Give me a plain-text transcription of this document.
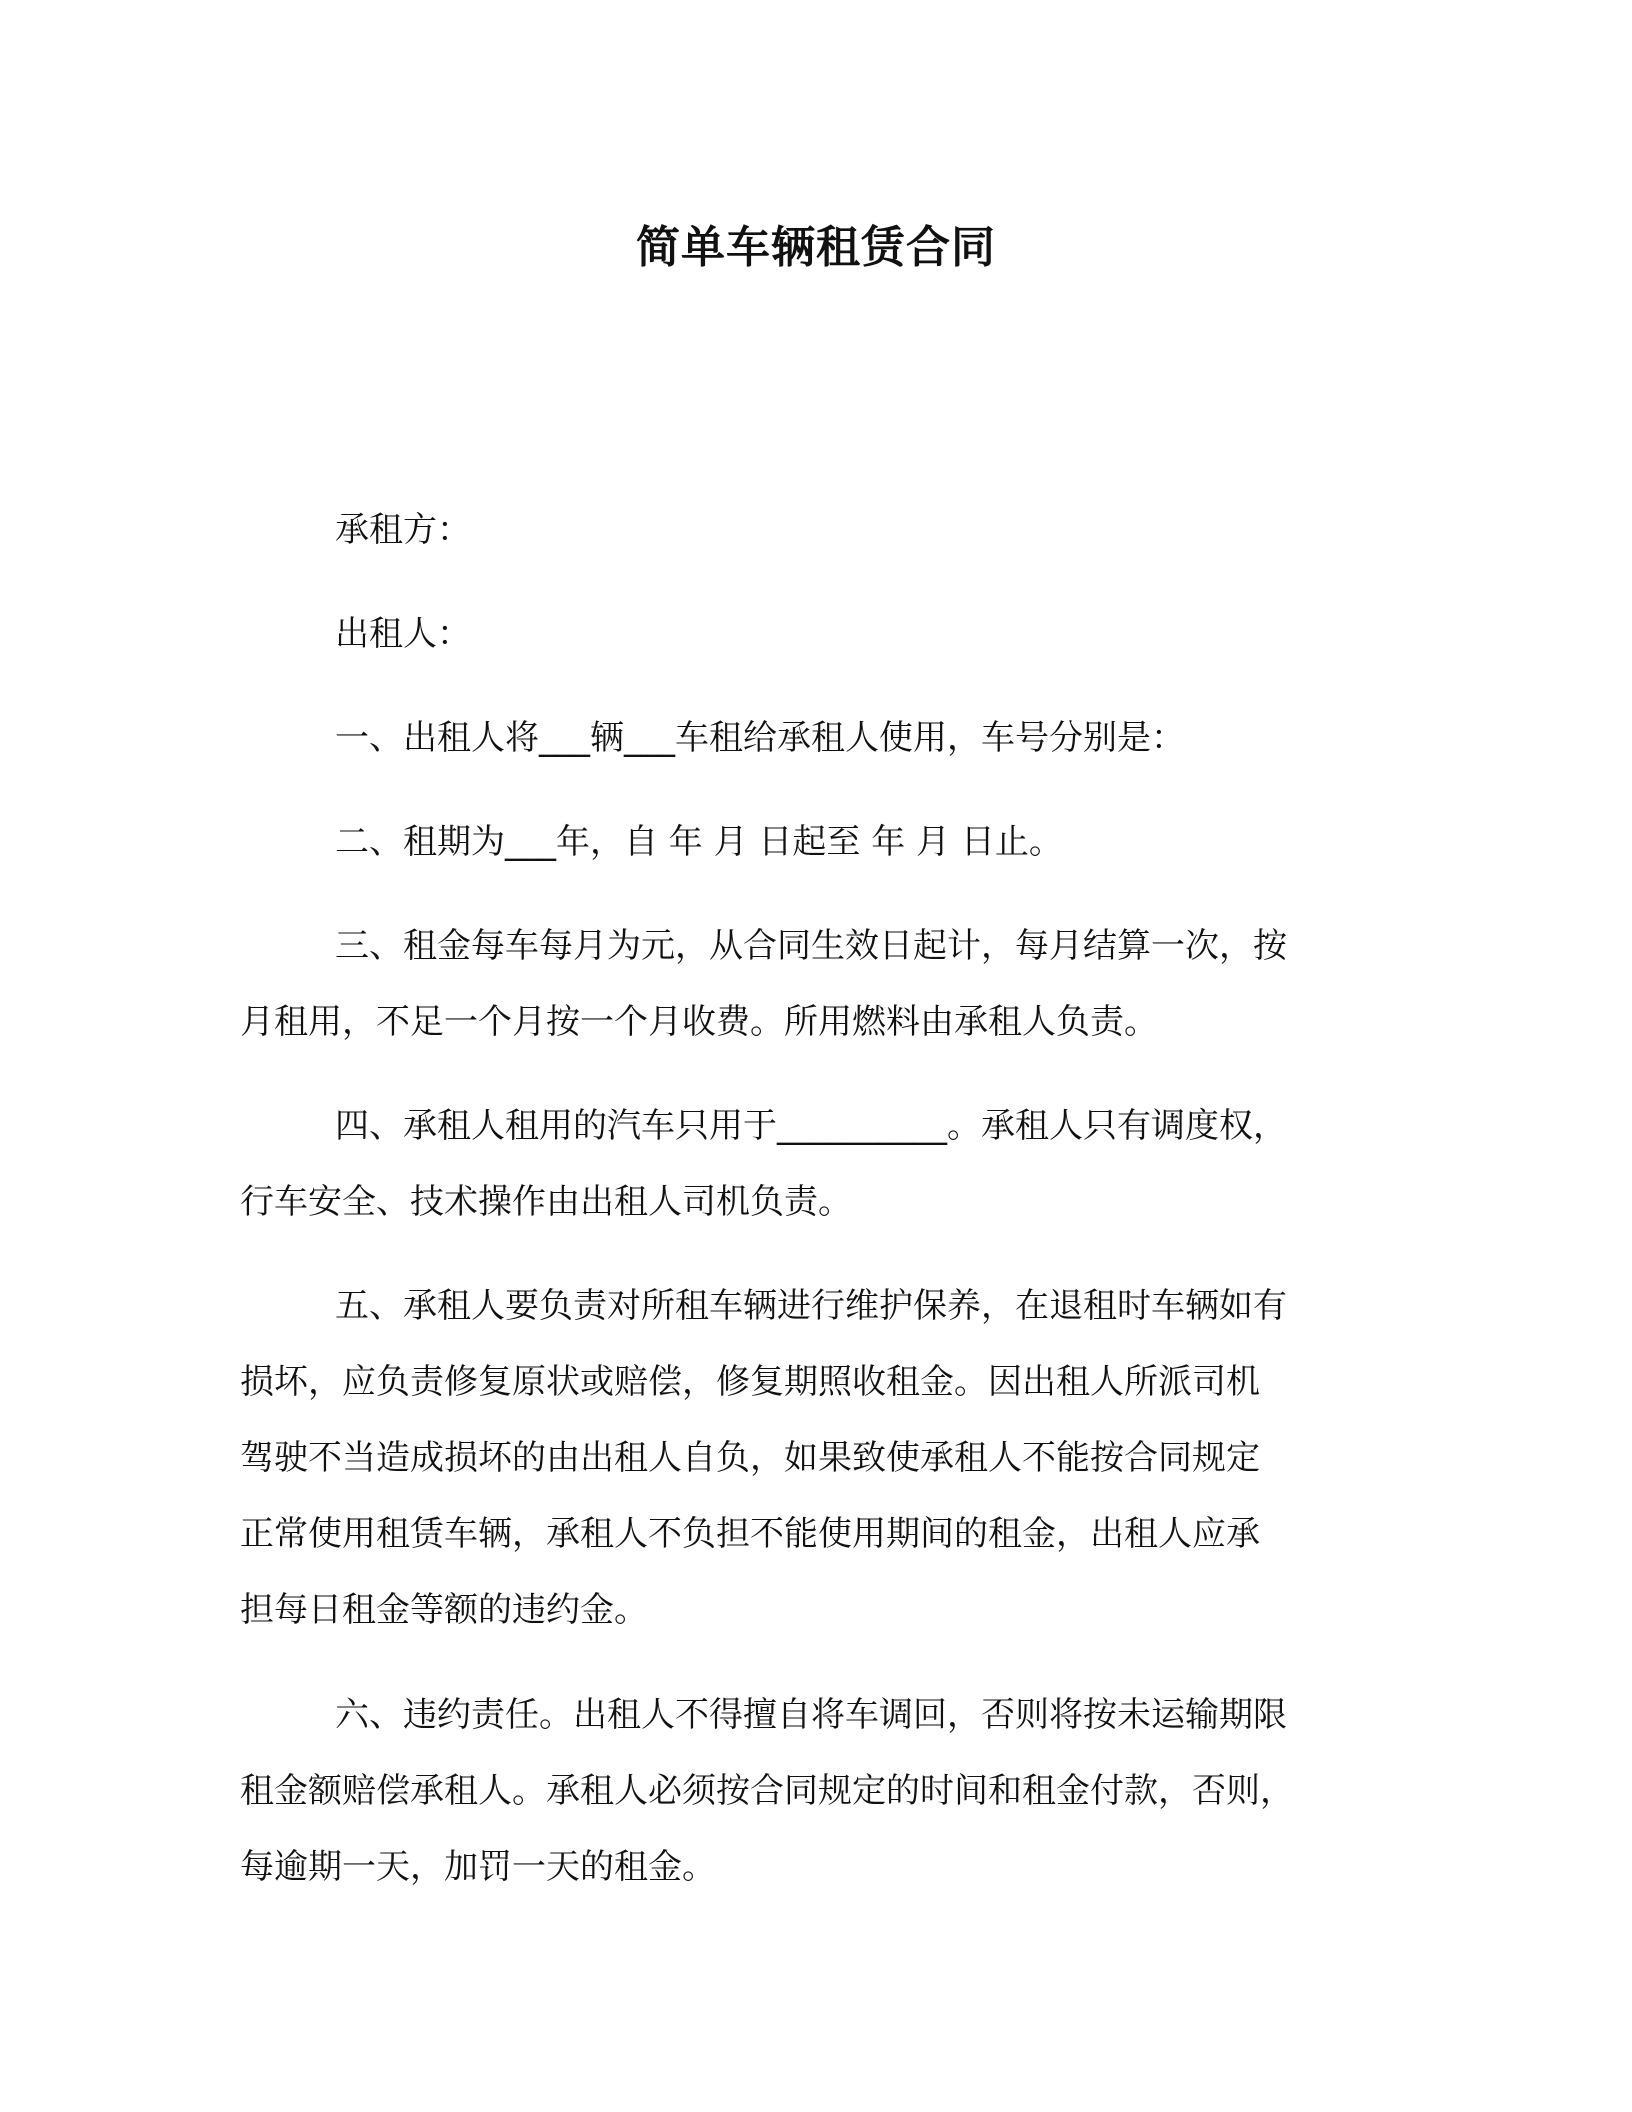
简单车辆租赁合同
承租方：
出租人：
一、出租人将___辆___车租给承租人使用，车号分别是：
二、租期为___年，自 年 月 日起至 年 月 日止。
三、租金每车每月为元，从合同生效日起计，每月结算一次，按
月租用，不足一个月按一个月收费。所用燃料由承租人负责。
四、承租人租用的汽车只用于__________。承租人只有调度权，
行车安全、技术操作由出租人司机负责。
五、承租人要负责对所租车辆进行维护保养，在退租时车辆如有
损坏，应负责修复原状或赔偿，修复期照收租金。因出租人所派司机
驾驶不当造成损坏的由出租人自负，如果致使承租人不能按合同规定
正常使用租赁车辆，承租人不负担不能使用期间的租金，出租人应承
担每日租金等额的违约金。
六、违约责任。出租人不得擅自将车调回，否则将按未运输期限
租金额赔偿承租人。承租人必须按合同规定的时间和租金付款，否则，
每逾期一天，加罚一天的租金。
